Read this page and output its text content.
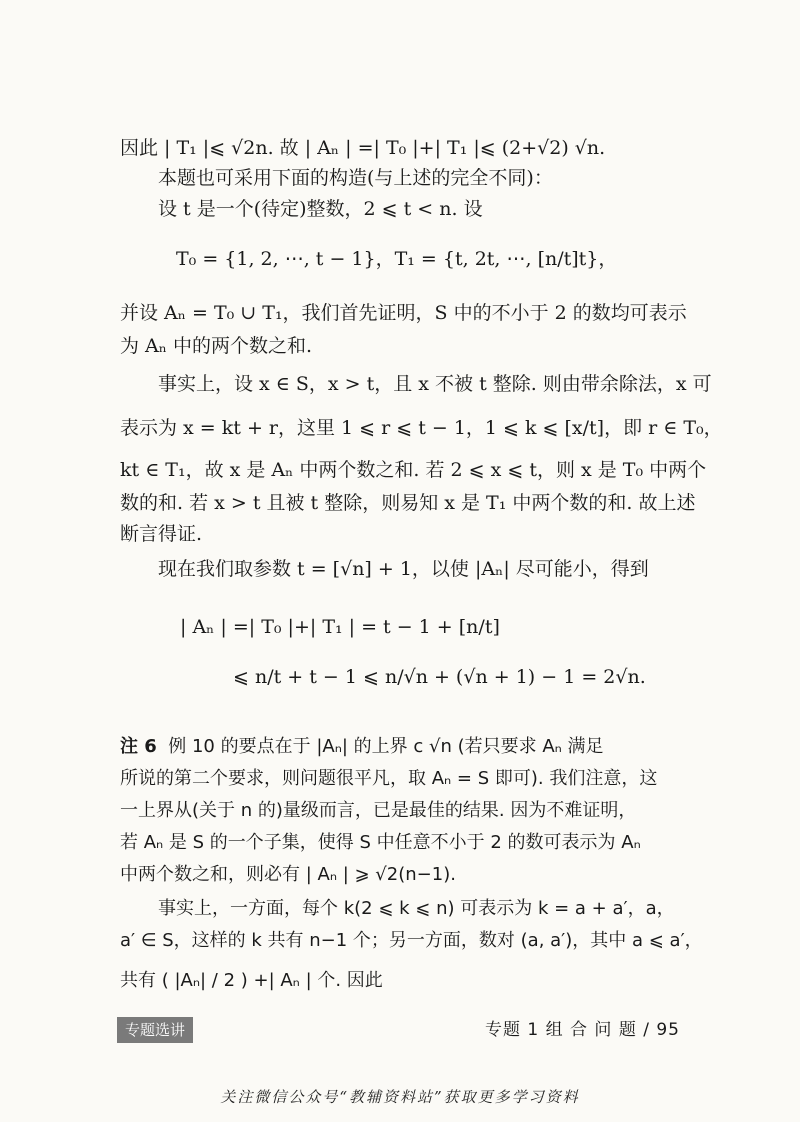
因此 | T₁ |⩽ √2n. 故 | Aₙ | =| T₀ |+| T₁ |⩽ (2+√2) √n.
本题也可采用下面的构造(与上述的完全不同)：
设 t 是一个(待定)整数，2 ⩽ t < n. 设
T₀ = {1, 2, ⋯, t − 1}，T₁ = {t, 2t, ⋯, [n/t]t}，
并设 Aₙ = T₀ ∪ T₁，我们首先证明，S 中的不小于 2 的数均可表示
为 Aₙ 中的两个数之和.
事实上，设 x ∈ S，x > t，且 x 不被 t 整除. 则由带余除法，x 可
表示为 x = kt + r，这里 1 ⩽ r ⩽ t − 1，1 ⩽ k ⩽ [x/t]，即 r ∈ T₀，
kt ∈ T₁，故 x 是 Aₙ 中两个数之和. 若 2 ⩽ x ⩽ t，则 x 是 T₀ 中两个
数的和. 若 x > t 且被 t 整除，则易知 x 是 T₁ 中两个数的和. 故上述
断言得证.
现在我们取参数 t = [√n] + 1，以使 |Aₙ| 尽可能小，得到
| Aₙ | =| T₀ |+| T₁ | = t − 1 + [n/t]
⩽ n/t + t − 1 ⩽ n/√n + (√n + 1) − 1 = 2√n.
注 6 例 10 的要点在于 |Aₙ| 的上界 c √n (若只要求 Aₙ 满足
所说的第二个要求，则问题很平凡，取 Aₙ = S 即可). 我们注意，这
一上界从(关于 n 的)量级而言，已是最佳的结果. 因为不难证明，
若 Aₙ 是 S 的一个子集，使得 S 中任意不小于 2 的数可表示为 Aₙ
中两个数之和，则必有 | Aₙ | ⩾ √2(n−1).
事实上，一方面，每个 k(2 ⩽ k ⩽ n) 可表示为 k = a + a′，a，
a′ ∈ S，这样的 k 共有 n−1 个；另一方面，数对 (a, a′)，其中 a ⩽ a′，
共有 ( |Aₙ| / 2 ) +| Aₙ | 个. 因此
专题选讲	专题 1 组 合 问 题 / 95
关注微信公众号“教辅资料站”获取更多学习资料
